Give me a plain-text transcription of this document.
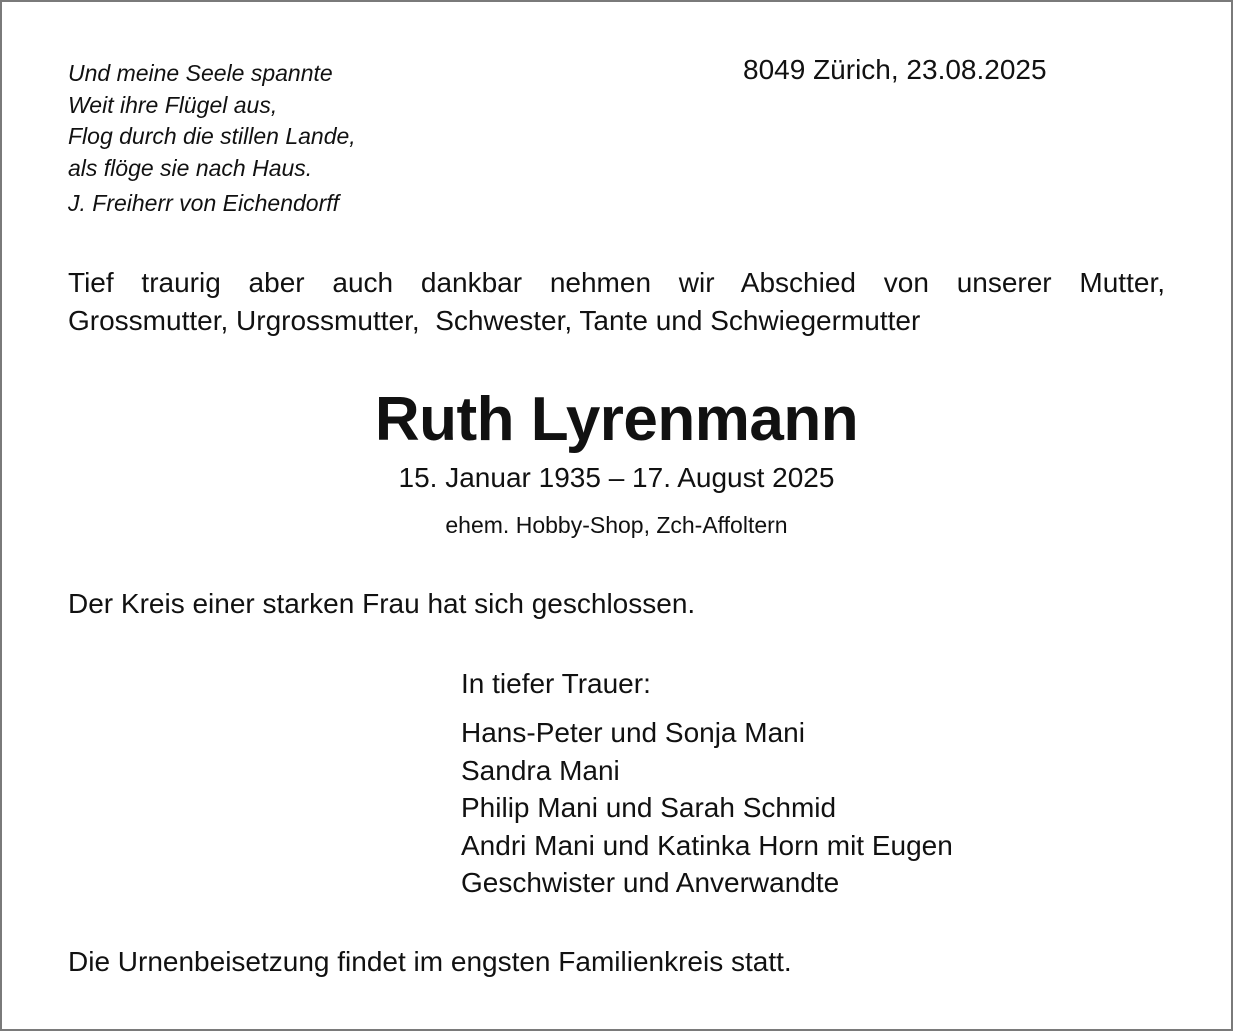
Und meine Seele spannte
Weit ihre Flügel aus,
Flog durch die stillen Lande,
als flöge sie nach Haus.
J. Freiherr von Eichendorff
8049 Zürich, 23.08.2025
Tief traurig aber auch dankbar nehmen wir Abschied von unserer Mutter,
Grossmutter, Urgrossmutter,  Schwester, Tante und Schwiegermutter
Ruth Lyrenmann
15. Januar 1935 – 17. August 2025
ehem. Hobby-Shop, Zch-Affoltern
Der Kreis einer starken Frau hat sich geschlossen.
In tiefer Trauer:
Hans-Peter und Sonja Mani
Sandra Mani
Philip Mani und Sarah Schmid
Andri Mani und Katinka Horn mit Eugen
Geschwister und Anverwandte
Die Urnenbeisetzung findet im engsten Familienkreis statt.
